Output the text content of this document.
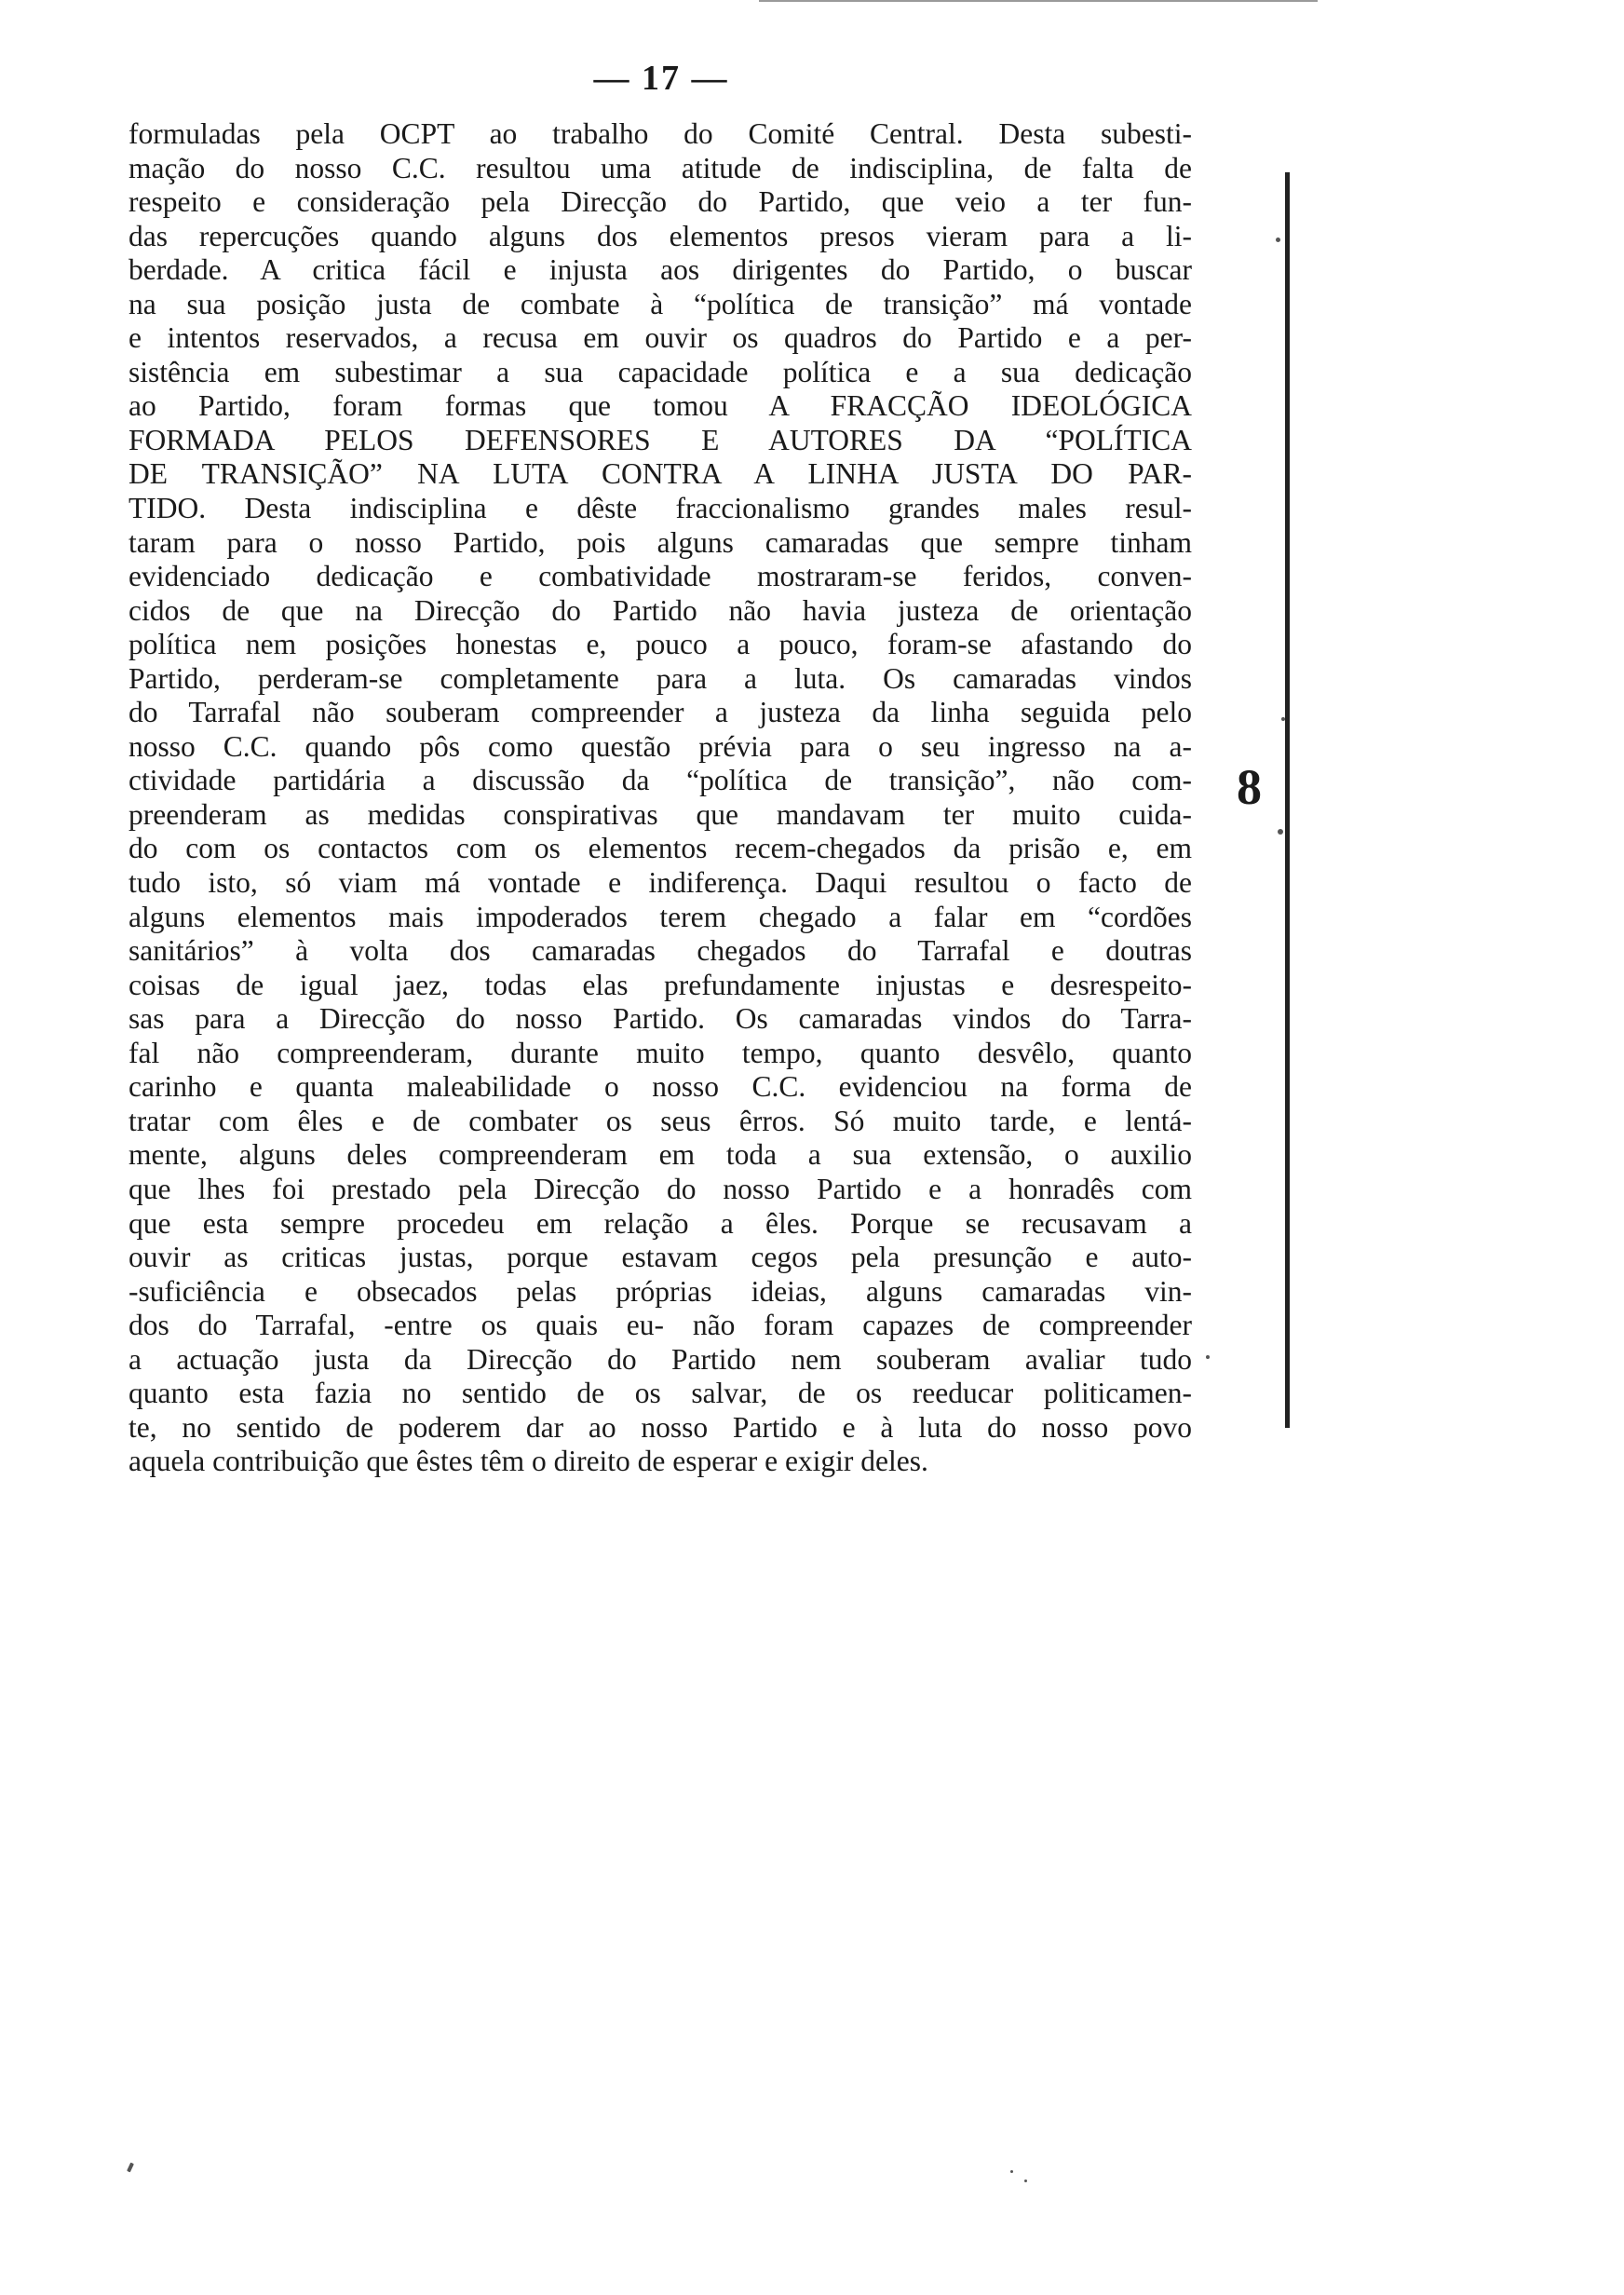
— 17 —
formuladas pela OCPT ao trabalho do Comité Central. Desta subesti-
mação do nosso C.C. resultou uma atitude de indisciplina, de falta de
respeito e consideração pela Direcção do Partido, que veio a ter fun-
das repercuções quando alguns dos elementos presos vieram para a li-
berdade. A critica fácil e injusta aos dirigentes do Partido, o buscar
na sua posição justa de combate à “política de transição” má vontade
e intentos reservados, a recusa em ouvir os quadros do Partido e a per-
sistência em subestimar a sua capacidade política e a sua dedicação
ao Partido, foram formas que tomou A FRACÇÃO IDEOLÓGICA
FORMADA PELOS DEFENSORES E AUTORES DA “POLÍTICA
DE TRANSIÇÃO” NA LUTA CONTRA A LINHA JUSTA DO PAR-
TIDO. Desta indisciplina e dêste fraccionalismo grandes males resul-
taram para o nosso Partido, pois alguns camaradas que sempre tinham
evidenciado dedicação e combatividade mostraram-se feridos, conven-
cidos de que na Direcção do Partido não havia justeza de orientação
política nem posições honestas e, pouco a pouco, foram-se afastando do
Partido, perderam-se completamente para a luta. Os camaradas vindos
do Tarrafal não souberam compreender a justeza da linha seguida pelo
nosso C.C. quando pôs como questão prévia para o seu ingresso na a-
ctividade partidária a discussão da “política de transição”, não com-
preenderam as medidas conspirativas que mandavam ter muito cuida-
do com os contactos com os elementos recem-chegados da prisão e, em
tudo isto, só viam má vontade e indiferença. Daqui resultou o facto de
alguns elementos mais impoderados terem chegado a falar em “cordões
sanitários” à volta dos camaradas chegados do Tarrafal e doutras
coisas de igual jaez, todas elas prefundamente injustas e desrespeito-
sas para a Direcção do nosso Partido. Os camaradas vindos do Tarra-
fal não compreenderam, durante muito tempo, quanto desvêlo, quanto
carinho e quanta maleabilidade o nosso C.C. evidenciou na forma de
tratar com êles e de combater os seus êrros. Só muito tarde, e lentá-
mente, alguns deles compreenderam em toda a sua extensão, o auxilio
que lhes foi prestado pela Direcção do nosso Partido e a honradês com
que esta sempre procedeu em relação a êles. Porque se recusavam a
ouvir as criticas justas, porque estavam cegos pela presunção e auto-
-suficiência e obsecados pelas próprias ideias, alguns camaradas vin-
dos do Tarrafal, -entre os quais eu- não foram capazes de compreender
a actuação justa da Direcção do Partido nem souberam avaliar tudo
quanto esta fazia no sentido de os salvar, de os reeducar politicamen-
te, no sentido de poderem dar ao nosso Partido e à luta do nosso povo
aquela contribuição que êstes têm o direito de esperar e exigir deles.
8
